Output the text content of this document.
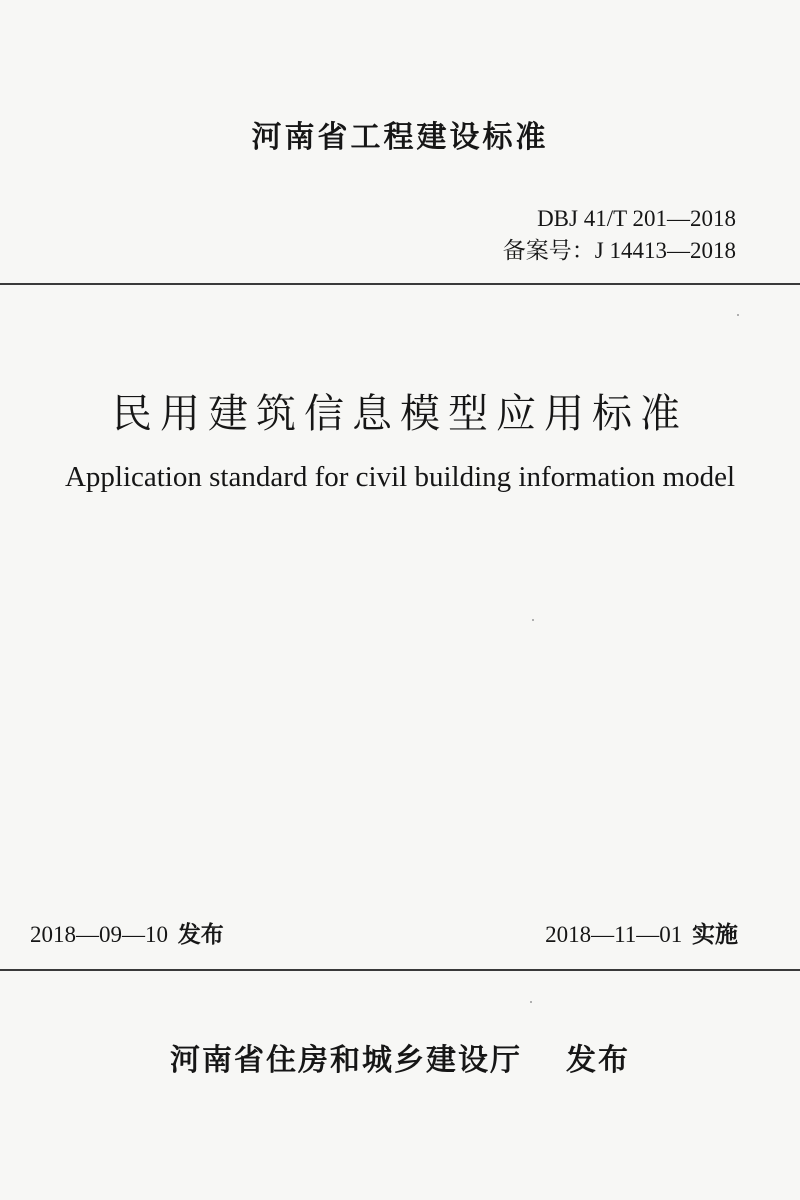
河南省工程建设标准
DBJ 41/T 201—2018
备案号：J 14413—2018
民用建筑信息模型应用标准
Application standard for civil building information model
2018—09—10 发布	2018—11—01 实施
河南省住房和城乡建设厅 发布
